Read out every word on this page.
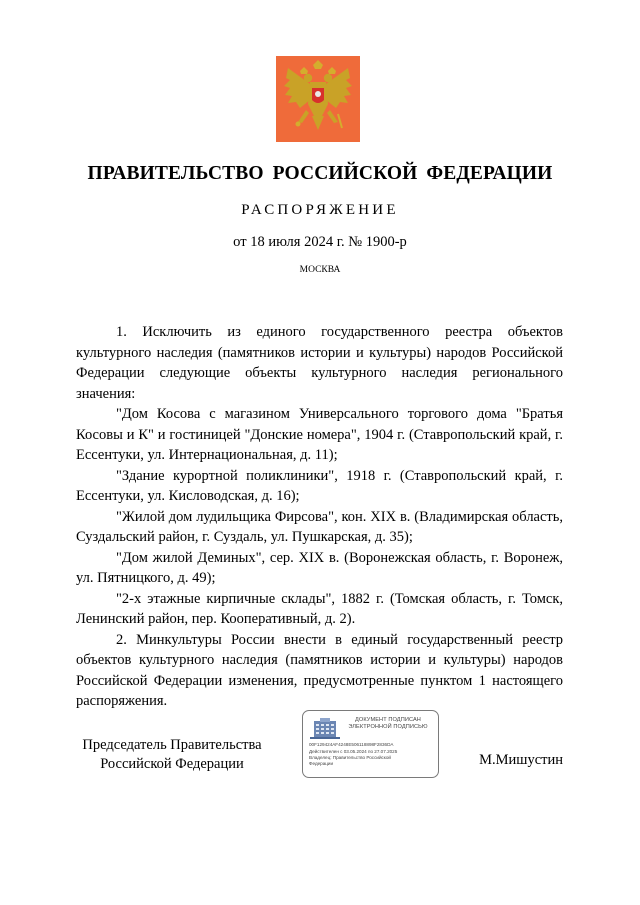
ПРАВИТЕЛЬСТВО РОССИЙСКОЙ ФЕДЕРАЦИИ
РАСПОРЯЖЕНИЕ
от 18 июля 2024 г. № 1900-р
МОСКВА

1. Исключить из единого государственного реестра объектов культурного наследия (памятников истории и культуры) народов Российской Федерации следующие объекты культурного наследия регионального значения:

"Дом Косова с магазином Универсального торгового дома "Братья Косовы и К" и гостиницей "Донские номера", 1904 г. (Ставропольский край, г. Ессентуки, ул. Интернациональная, д. 11);

"Здание курортной поликлиники", 1918 г. (Ставропольский край, г. Ессентуки, ул. Кисловодская, д. 16);

"Жилой дом лудильщика Фирсова", кон. XIX в. (Владимирская область, Суздальский район, г. Суздаль, ул. Пушкарская, д. 35);

"Дом жилой Деминых", сер. XIX в. (Воронежская область, г. Воронеж, ул. Пятницкого, д. 49);

"2-х этажные кирпичные склады", 1882 г. (Томская область, г. Томск, Ленинский район, пер. Кооперативный, д. 2).

2. Минкультуры России внести в единый государственный реестр объектов культурного наследия (памятников истории и культуры) народов Российской Федерации изменения, предусмотренные пунктом 1 настоящего распоряжения.

Председатель Правительства
Российской Федерации
ДОКУМЕНТ ПОДПИСАН
ЭЛЕКТРОННОЙ ПОДПИСЬЮ
00F129424AF4248E506118898F2836DA
Действителен с 03.05.2024 по 27.07.2025
Владелец: Правительство Российской
Федерации	М.Мишустин
